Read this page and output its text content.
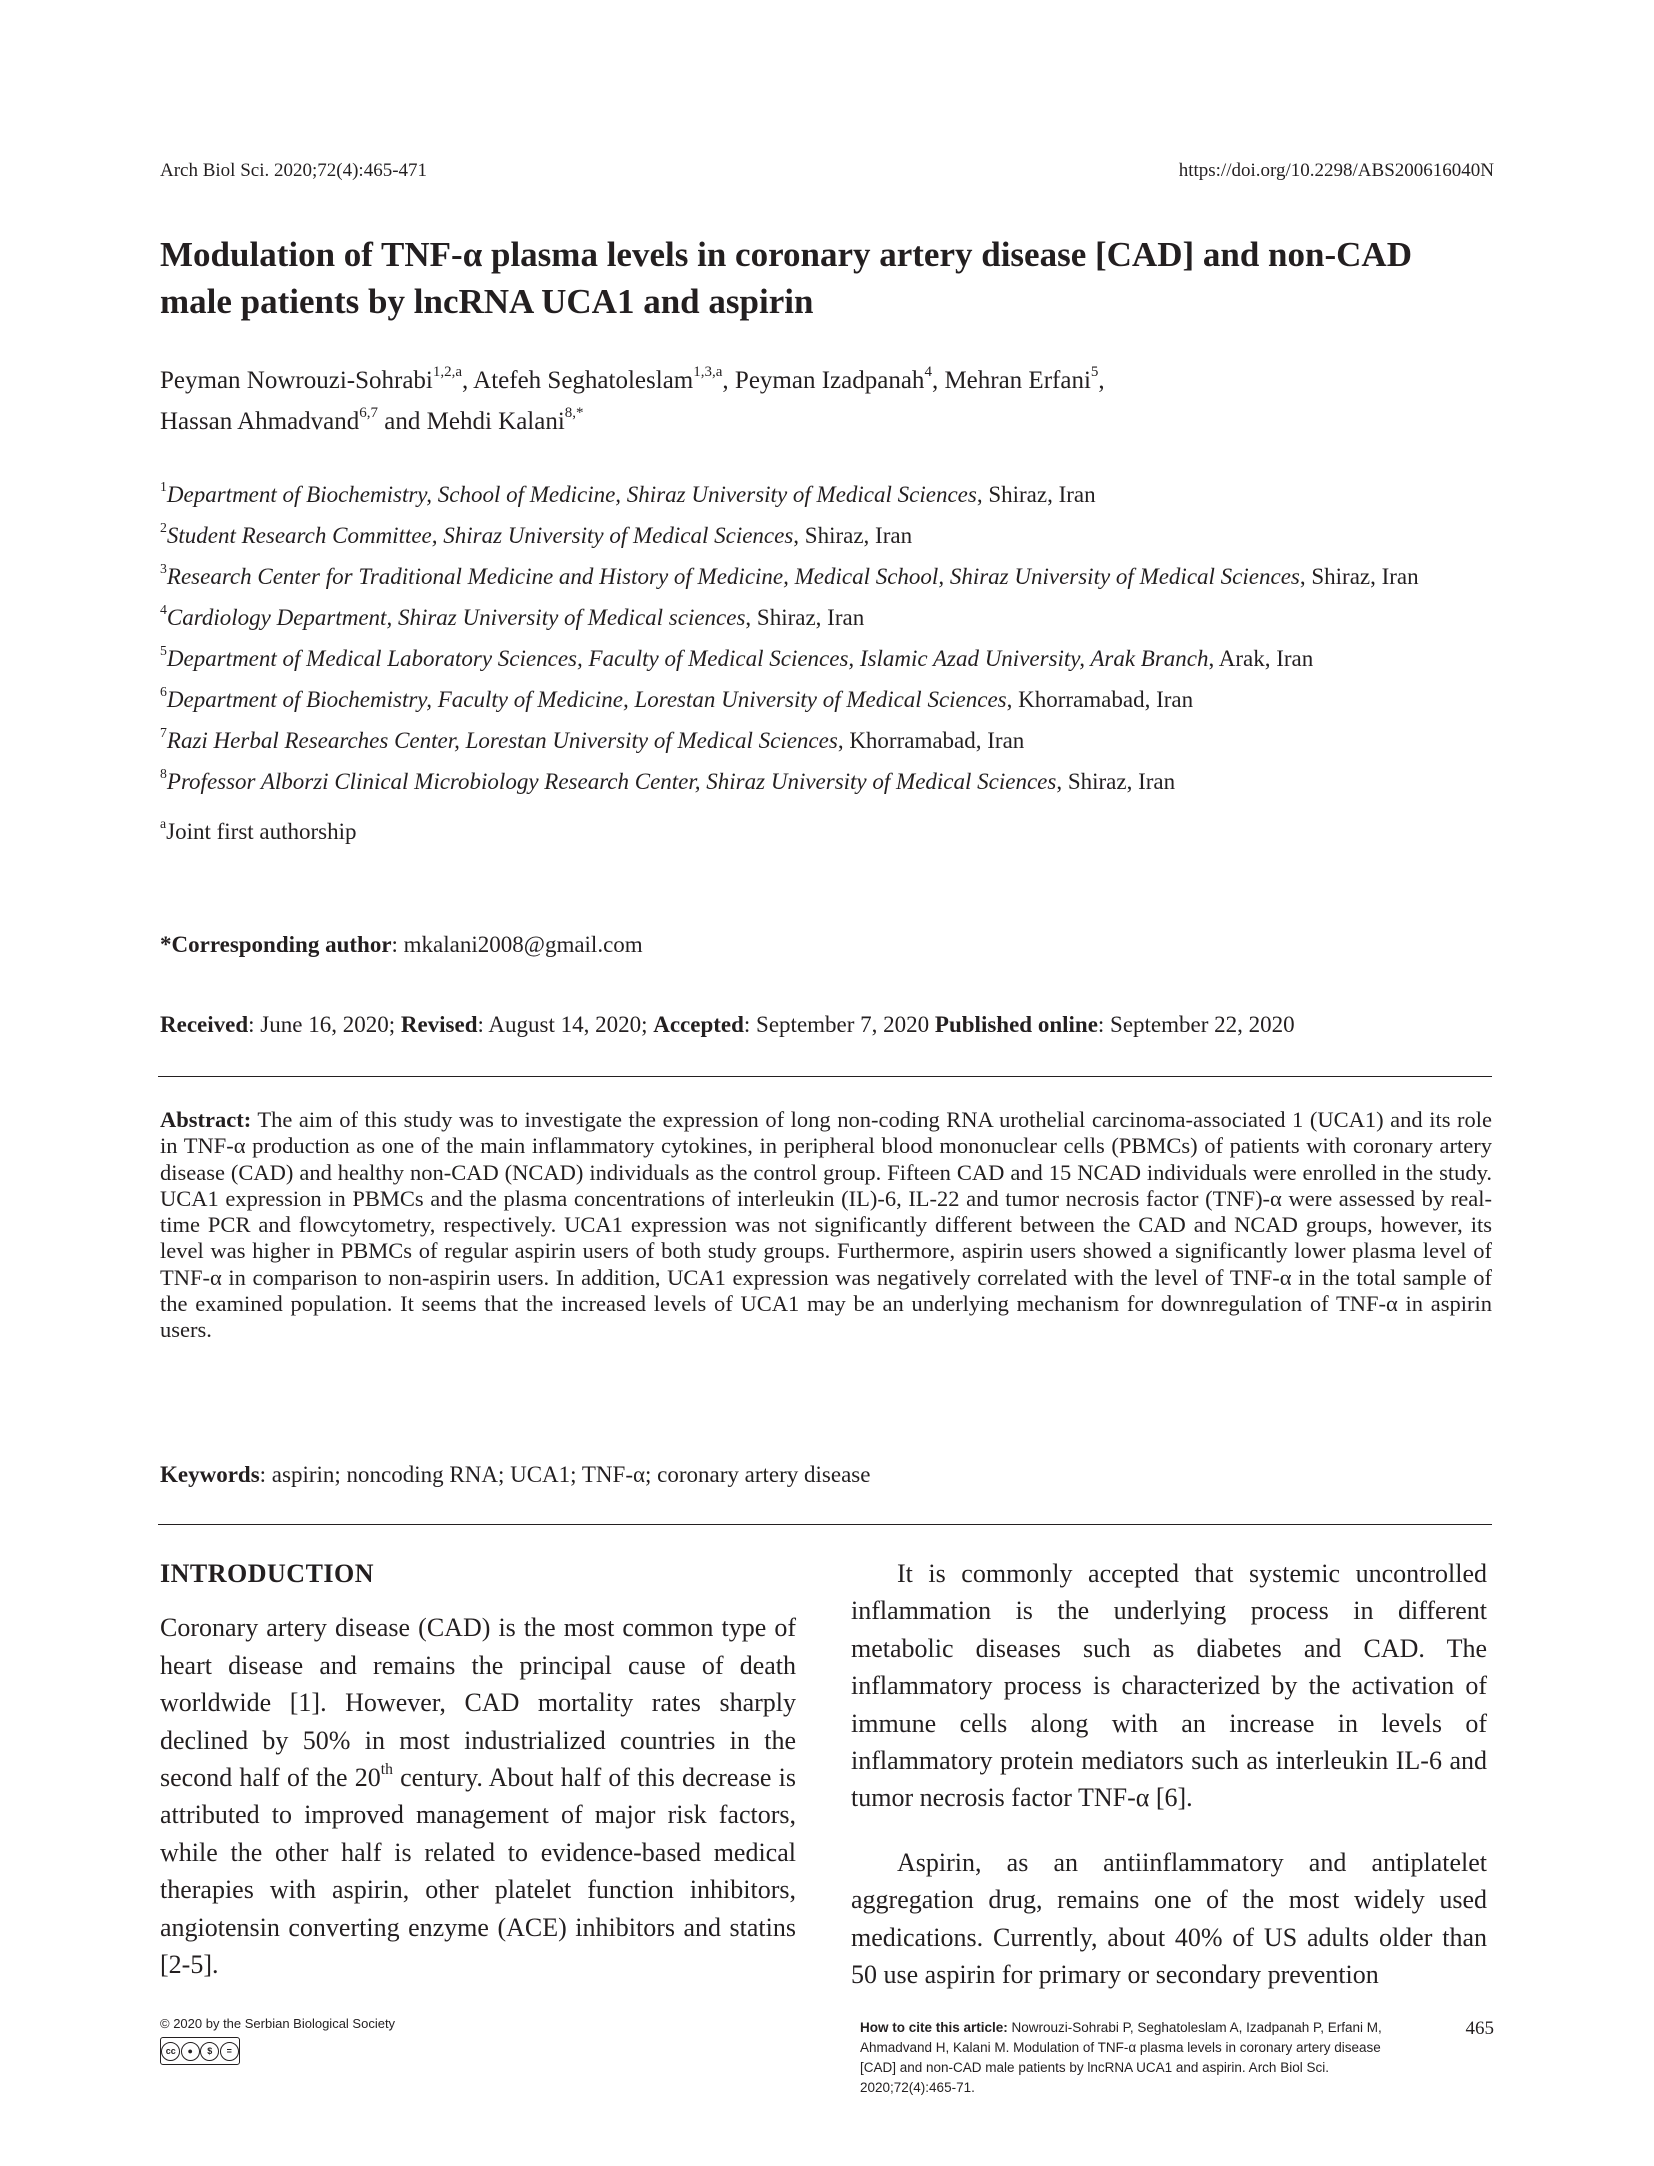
Arch Biol Sci. 2020;72(4):465-471	https://doi.org/10.2298/ABS200616040N
Modulation of TNF-α plasma levels in coronary artery disease [CAD] and non-CAD
male patients by lncRNA UCA1 and aspirin
Peyman Nowrouzi-Sohrabi$^{1,2,a}$, Atefeh Seghatoleslam$^{1,3,a}$, Peyman Izadpanah$^4$, Mehran Erfani$^5$,
Hassan Ahmadvand$^{6,7}$ and Mehdi Kalani$^{8,*}$
$^1$Department of Biochemistry, School of Medicine, Shiraz University of Medical Sciences, Shiraz, Iran
$^2$Student Research Committee, Shiraz University of Medical Sciences, Shiraz, Iran
$^3$Research Center for Traditional Medicine and History of Medicine, Medical School, Shiraz University of Medical Sciences, Shiraz, Iran
$^4$Cardiology Department, Shiraz University of Medical sciences, Shiraz, Iran
$^5$Department of Medical Laboratory Sciences, Faculty of Medical Sciences, Islamic Azad University, Arak Branch, Arak, Iran
$^6$Department of Biochemistry, Faculty of Medicine, Lorestan University of Medical Sciences, Khorramabad, Iran
$^7$Razi Herbal Researches Center, Lorestan University of Medical Sciences, Khorramabad, Iran
$^8$Professor Alborzi Clinical Microbiology Research Center, Shiraz University of Medical Sciences, Shiraz, Iran
$^a$Joint first authorship
*Corresponding author: mkalani2008@gmail.com
Received: June 16, 2020; Revised: August 14, 2020; Accepted: September 7, 2020 Published online: September 22, 2020
Abstract: The aim of this study was to investigate the expression of long non-coding RNA urothelial carcinoma-associated 1 (UCA1) and its role in TNF-α production as one of the main inflammatory cytokines, in peripheral blood mononuclear cells (PBMCs) of patients with coronary artery disease (CAD) and healthy non-CAD (NCAD) individuals as the control group. Fifteen CAD and 15 NCAD individuals were enrolled in the study. UCA1 expression in PBMCs and the plasma concentrations of interleukin (IL)-6, IL-22 and tumor necrosis factor (TNF)-α were assessed by real-time PCR and flowcytometry, respectively. UCA1 expression was not significantly different between the CAD and NCAD groups, however, its level was higher in PBMCs of regular aspirin users of both study groups. Furthermore, aspirin users showed a significantly lower plasma level of TNF-α in comparison to non-aspirin users. In addition, UCA1 expression was negatively correlated with the level of TNF-α in the total sample of the examined population. It seems that the increased levels of UCA1 may be an underlying mechanism for downregulation of TNF-α in aspirin users.
Keywords: aspirin; noncoding RNA; UCA1; TNF-α; coronary artery disease

INTRODUCTION

Coronary artery disease (CAD) is the most common type of heart disease and remains the principal cause of death worldwide [1]. However, CAD mortality rates sharply declined by 50% in most industrialized countries in the second half of the 20th century. About half of this decrease is attributed to improved management of major risk factors, while the other half is related to evidence-based medical therapies with aspirin, other platelet function inhibitors, angiotensin converting enzyme (ACE) inhibitors and statins [2-5].

It is commonly accepted that systemic uncontrolled inflammation is the underlying process in different metabolic diseases such as diabetes and CAD. The inflammatory process is characterized by the activation of immune cells along with an increase in levels of inflammatory protein mediators such as interleukin IL-6 and tumor necrosis factor TNF-α [6].

Aspirin, as an antiinflammatory and antiplatelet aggregation drug, remains one of the most widely used medications. Currently, about 40% of US adults older than 50 use aspirin for primary or secondary prevention

© 2020 by the Serbian Biological Society
cc	●	$	=
How to cite this article: Nowrouzi-Sohrabi P, Seghatoleslam A, Izadpanah P, Erfani M, Ahmadvand H, Kalani M. Modulation of TNF-α plasma levels in coronary artery disease [CAD] and non-CAD male patients by lncRNA UCA1 and aspirin. Arch Biol Sci. 2020;72(4):465-71.
465
